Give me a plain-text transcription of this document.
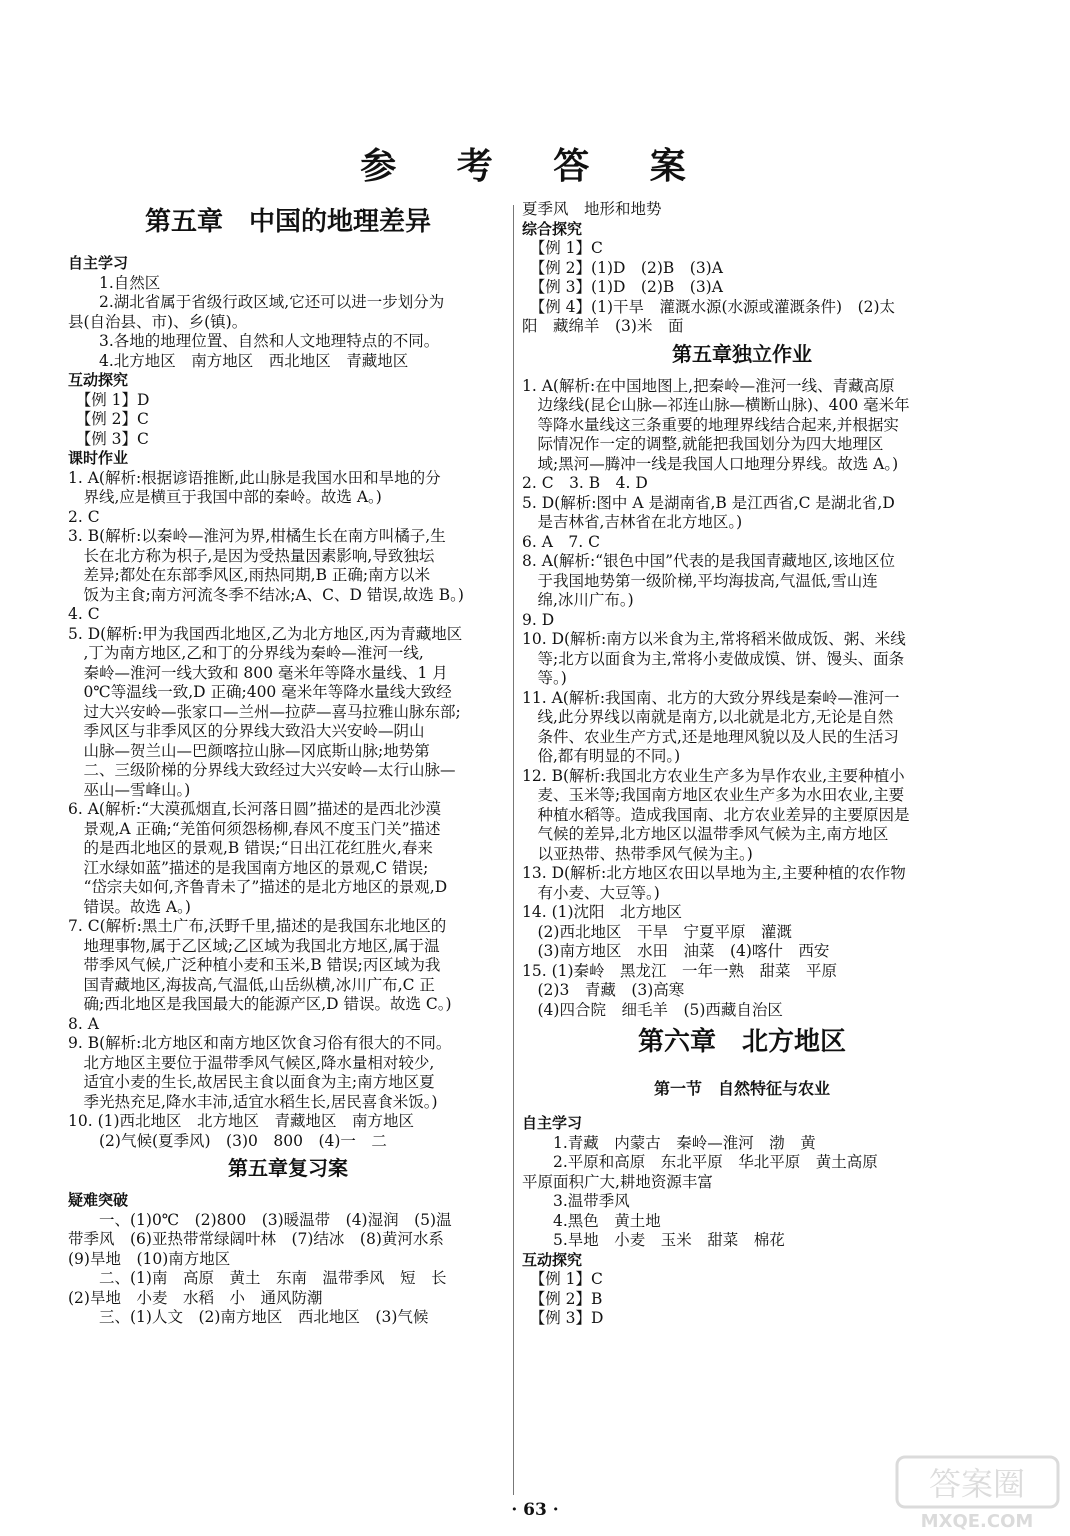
参 考 答 案
第五章　中国的地理差异
自主学习
　　1.自然区
　　2.湖北省属于省级行政区域,它还可以进一步划分为
县(自治县、市)、乡(镇)。
　　3.各地的地理位置、自然和人文地理特点的不同。
　　4.北方地区　南方地区　西北地区　青藏地区
互动探究
　【例 1】D
　【例 2】C
　【例 3】C
课时作业
1. A(解析:根据谚语推断,此山脉是我国水田和旱地的分
　界线,应是横亘于我国中部的秦岭。故选 A。)
2. C
3. B(解析:以秦岭—淮河为界,柑橘生长在南方叫橘子,生
　长在北方称为枳子,是因为受热量因素影响,导致独坛
　差异;都处在东部季风区,雨热同期,B 正确;南方以米
　饭为主食;南方河流冬季不结冰;A、C、D 错误,故选 B。)
4. C
5. D(解析:甲为我国西北地区,乙为北方地区,丙为青藏地区
　,丁为南方地区,乙和丁的分界线为秦岭—淮河一线,
　秦岭—淮河一线大致和 800 毫米年等降水量线、1 月
　0℃等温线一致,D 正确;400 毫米年等降水量线大致经
　过大兴安岭—张家口—兰州—拉萨—喜马拉雅山脉东部;
　季风区与非季风区的分界线大致沿大兴安岭—阴山
　山脉—贺兰山—巴颜喀拉山脉—冈底斯山脉;地势第
　二、三级阶梯的分界线大致经过大兴安岭—太行山脉—
　巫山—雪峰山。)
6. A(解析:“大漠孤烟直,长河落日圆”描述的是西北沙漠
　景观,A 正确;“羌笛何须怨杨柳,春风不度玉门关”描述
　的是西北地区的景观,B 错误;“日出江花红胜火,春来
　江水绿如蓝”描述的是我国南方地区的景观,C 错误;
　“岱宗夫如何,齐鲁青未了”描述的是北方地区的景观,D
　错误。故选 A。)
7. C(解析:黑土广布,沃野千里,描述的是我国东北地区的
　地理事物,属于乙区域;乙区域为我国北方地区,属于温
　带季风气候,广泛种植小麦和玉米,B 错误;丙区域为我
　国青藏地区,海拔高,气温低,山岳纵横,冰川广布,C 正
　确;西北地区是我国最大的能源产区,D 错误。故选 C。)
8. A
9. B(解析:北方地区和南方地区饮食习俗有很大的不同。
　北方地区主要位于温带季风气候区,降水量相对较少,
　适宜小麦的生长,故居民主食以面食为主;南方地区夏
　季光热充足,降水丰沛,适宜水稻生长,居民喜食米饭。)
10. (1)西北地区　北方地区　青藏地区　南方地区
　　(2)气候(夏季风)　(3)0　800　(4)一　二
第五章复习案
疑难突破
　　一、(1)0℃　(2)800　(3)暖温带　(4)湿润　(5)温
带季风　(6)亚热带常绿阔叶林　(7)结冰　(8)黄河水系
(9)旱地　(10)南方地区
　　二、(1)南　高原　黄土　东南　温带季风　短　长
(2)旱地　小麦　水稻　小　通风防潮
　　三、(1)人文　(2)南方地区　西北地区　(3)气候
夏季风　地形和地势
综合探究
　【例 1】C
　【例 2】(1)D　(2)B　(3)A
　【例 3】(1)D　(2)B　(3)A
　【例 4】(1)干旱　灌溉水源(水源或灌溉条件)　(2)太
阳　藏绵羊　(3)米　面
第五章独立作业
1. A(解析:在中国地图上,把秦岭—淮河一线、青藏高原
　边缘线(昆仑山脉—祁连山脉—横断山脉)、400 毫米年
　等降水量线这三条重要的地理界线结合起来,并根据实
　际情况作一定的调整,就能把我国划分为四大地理区
　域;黑河—腾冲一线是我国人口地理分界线。故选 A。)
2. C　3. B　4. D
5. D(解析:图中 A 是湖南省,B 是江西省,C 是湖北省,D
　是吉林省,吉林省在北方地区。)
6. A　7. C
8. A(解析:“银色中国”代表的是我国青藏地区,该地区位
　于我国地势第一级阶梯,平均海拔高,气温低,雪山连
　绵,冰川广布。)
9. D
10. D(解析:南方以米食为主,常将稻米做成饭、粥、米线
　等;北方以面食为主,常将小麦做成馍、饼、馒头、面条
　等。)
11. A(解析:我国南、北方的大致分界线是秦岭—淮河一
　线,此分界线以南就是南方,以北就是北方,无论是自然
　条件、农业生产方式,还是地理风貌以及人民的生活习
　俗,都有明显的不同。)
12. B(解析:我国北方农业生产多为旱作农业,主要种植小
　麦、玉米等;我国南方地区农业生产多为水田农业,主要
　种植水稻等。造成我国南、北方农业差异的主要原因是
　气候的差异,北方地区以温带季风气候为主,南方地区
　以亚热带、热带季风气候为主。)
13. D(解析:北方地区农田以旱地为主,主要种植的农作物
　有小麦、大豆等。)
14. (1)沈阳　北方地区
　(2)西北地区　干旱　宁夏平原　灌溉
　(3)南方地区　水田　油菜　(4)喀什　西安
15. (1)秦岭　黑龙江　一年一熟　甜菜　平原
　(2)3　青藏　(3)高寒
　(4)四合院　细毛羊　(5)西藏自治区
第六章　北方地区
第一节　自然特征与农业
自主学习
　　1.青藏　内蒙古　秦岭—淮河　渤　黄
　　2.平原和高原　东北平原　华北平原　黄土高原
平原面积广大,耕地资源丰富
　　3.温带季风
　　4.黑色　黄土地
　　5.旱地　小麦　玉米　甜菜　棉花
互动探究
　【例 1】C
　【例 2】B
　【例 3】D
· 63 ·
答案圈
MXQE.COM
